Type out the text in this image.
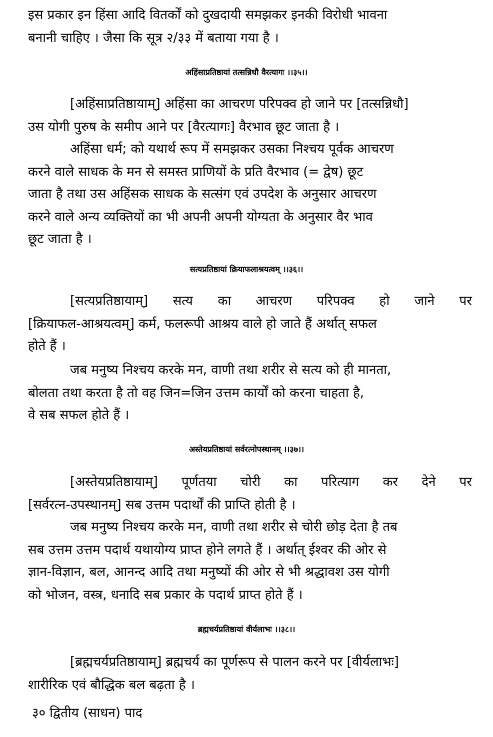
इस प्रकार इन हिंसा आदि वितर्कों को दुखदायी समझकर इनकी विरोधी भावना
बनानी चाहिए । जैसा कि सूत्र २/३३ में बताया गया है ।
अहिंसाप्रतिष्ठायां तत्सन्निधौ वैरत्यागः ।।३५।।
[अहिंसाप्रतिष्ठायाम्] अहिंसा का आचरण परिपक्व हो जाने पर [तत्सन्निधौ]
उस योगी पुरुष के समीप आने पर [वैरत्यागः] वैरभाव छूट जाता है ।
अहिंसा धर्म; को यथार्थ रूप में समझकर उसका निश्चय पूर्वक आचरण
करने वाले साधक के मन से समस्त प्राणियों के प्रति वैरभाव (= द्वेष) छूट
जाता है तथा उस अहिंसक साधक के सत्संग एवं उपदेश के अनुसार आचरण
करने वाले अन्य व्यक्तियों का भी अपनी अपनी योग्यता के अनुसार वैर भाव
छूट जाता है ।
सत्यप्रतिष्ठायां क्रियाफलाश्रयत्वम् ।।३६।।
[सत्यप्रतिष्ठायाम्] सत्य का आचरण परिपक्व हो जाने पर
[क्रियाफल-आश्रयत्वम्] कर्म, फलरूपी आश्रय वाले हो जाते हैं अर्थात् सफल
होते हैं ।
जब मनुष्य निश्चय करके मन, वाणी तथा शरीर से सत्य को ही मानता,
बोलता तथा करता है तो वह जिन=जिन उत्तम कार्यों को करना चाहता है,
वे सब सफल होते हैं ।
अस्तेयप्रतिष्ठायां सर्वरत्नोपस्थानम् ।।३७।।
[अस्तेयप्रतिष्ठायाम्] पूर्णतया चोरी का परित्याग कर देने पर
[सर्वरत्न-उपस्थानम्] सब उत्तम पदार्थों की प्राप्ति होती है ।
जब मनुष्य निश्चय करके मन, वाणी तथा शरीर से चोरी छोड़ देता है तब
सब उत्तम उत्तम पदार्थ यथायोग्य प्राप्त होने लगते हैं । अर्थात् ईश्वर की ओर से
ज्ञान-विज्ञान, बल, आनन्द आदि तथा मनुष्यों की ओर से भी श्रद्धावश उस योगी
को भोजन, वस्त्र, धनादि सब प्रकार के पदार्थ प्राप्त होते हैं ।
ब्रह्मचर्यप्रतिष्ठायां वीर्यलाभः ।।३८।।
[ब्रह्मचर्यप्रतिष्ठायाम्] ब्रह्मचर्य का पूर्णरूप से पालन करने पर [वीर्यलाभः]
शारीरिक एवं बौद्धिक बल बढ़ता है ।
३० द्वितीय (साधन) पाद
